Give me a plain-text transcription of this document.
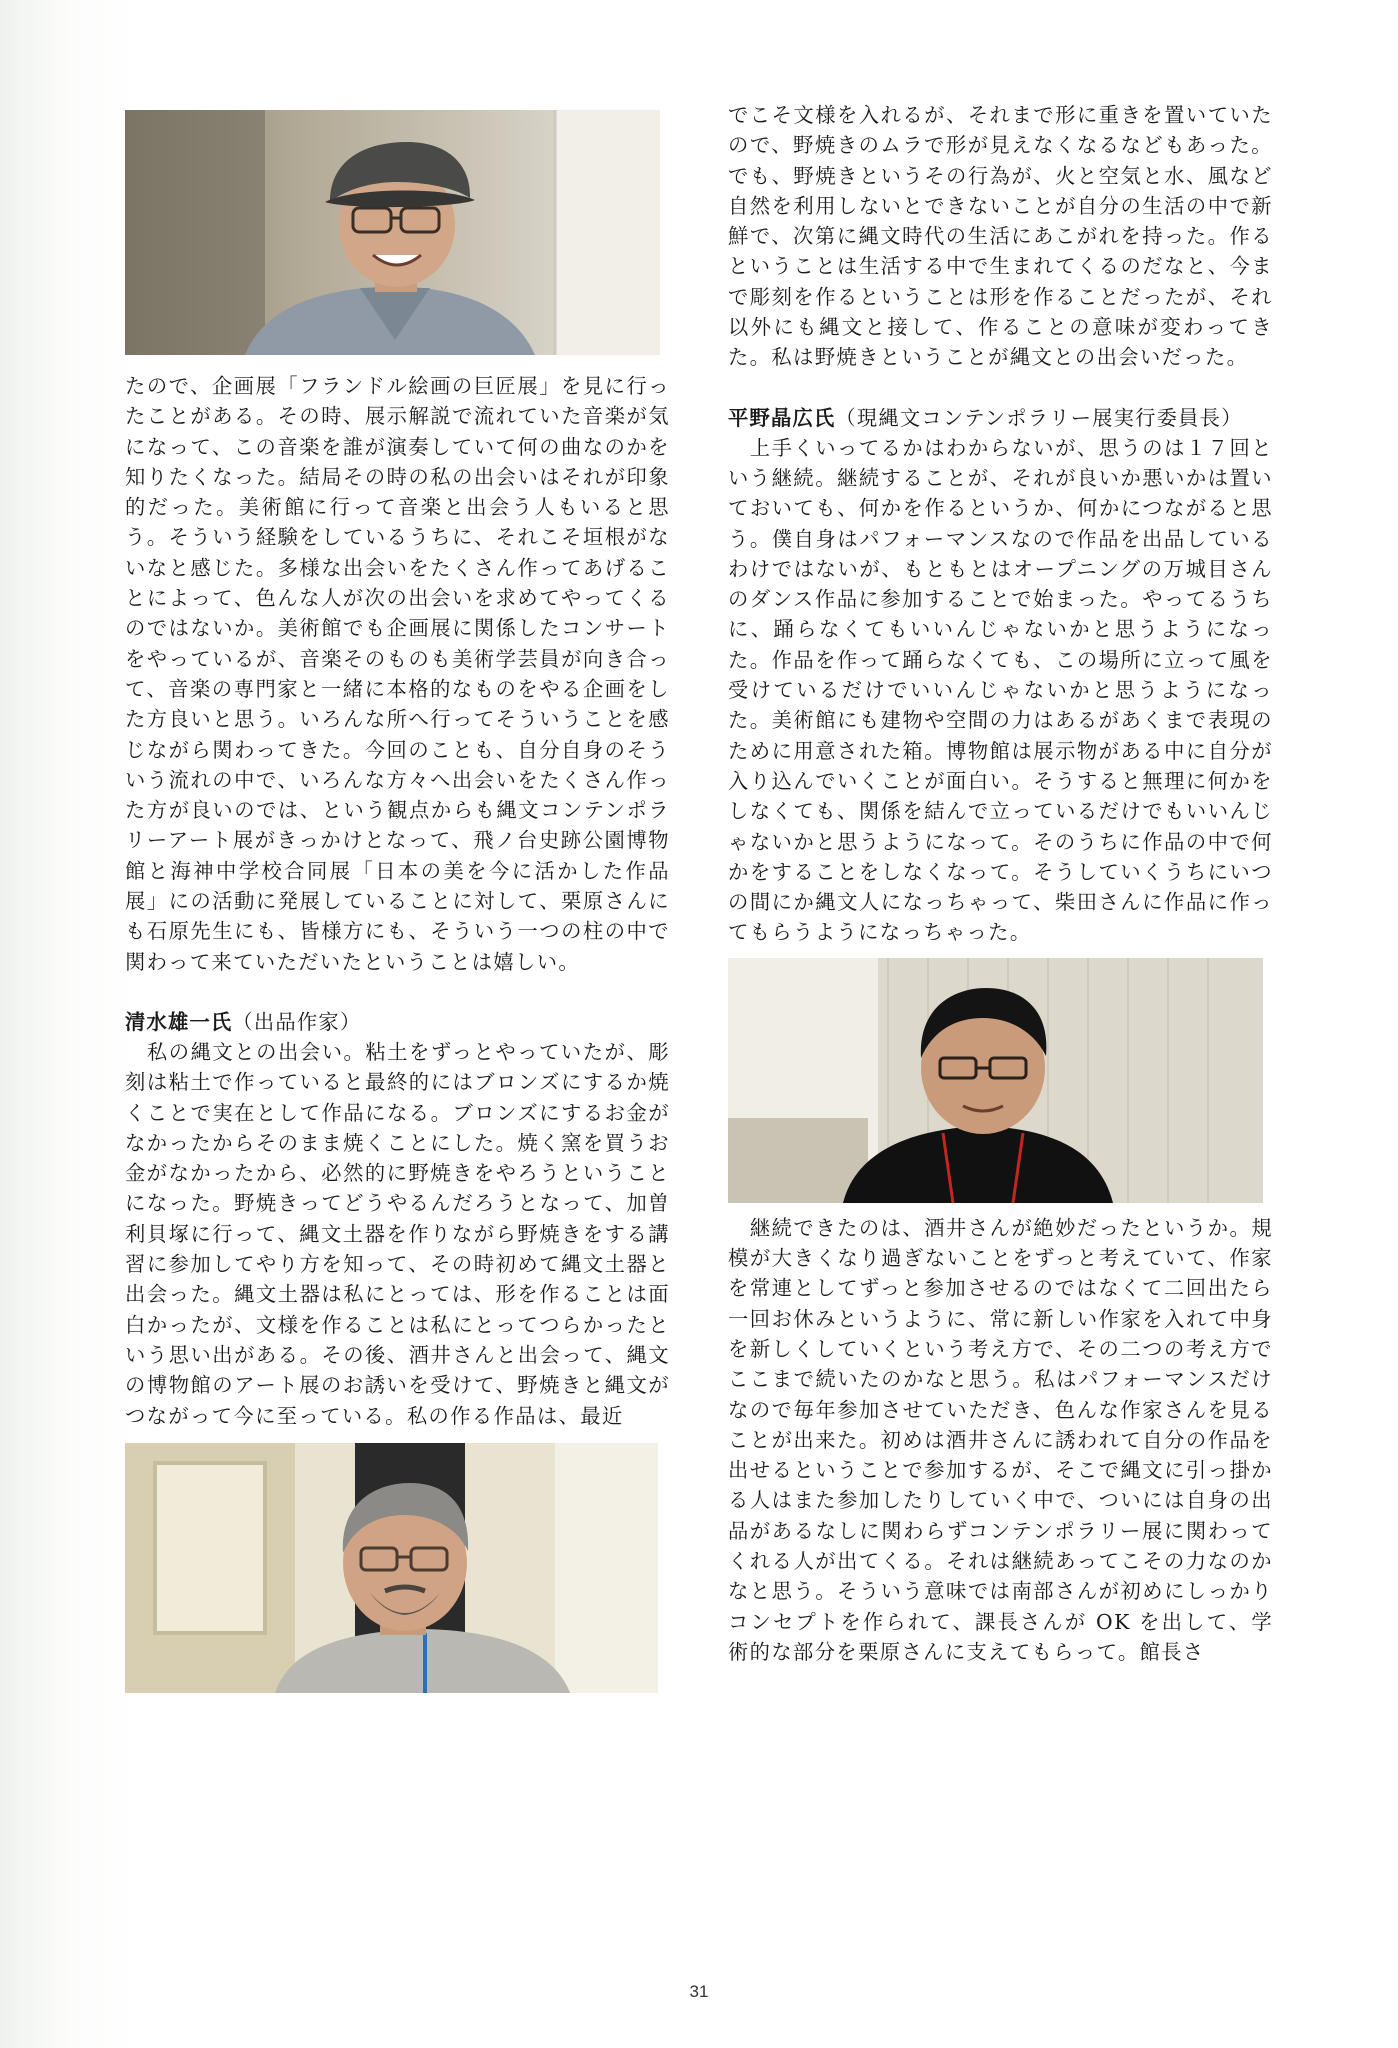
たので、企画展「フランドル絵画の巨匠展」を見に行ったことがある。その時、展示解説で流れていた音楽が気になって、この音楽を誰が演奏していて何の曲なのかを知りたくなった。結局その時の私の出会いはそれが印象的だった。美術館に行って音楽と出会う人もいると思う。そういう経験をしているうちに、それこそ垣根がないなと感じた。多様な出会いをたくさん作ってあげることによって、色んな人が次の出会いを求めてやってくるのではないか。美術館でも企画展に関係したコンサートをやっているが、音楽そのものも美術学芸員が向き合って、音楽の専門家と一緒に本格的なものをやる企画をした方良いと思う。いろんな所へ行ってそういうことを感じながら関わってきた。今回のことも、自分自身のそういう流れの中で、いろんな方々へ出会いをたくさん作った方が良いのでは、という観点からも縄文コンテンポラリーアート展がきっかけとなって、飛ノ台史跡公園博物館と海神中学校合同展「日本の美を今に活かした作品展」にの活動に発展していることに対して、栗原さんにも石原先生にも、皆様方にも、そういう一つの柱の中で関わって来ていただいたということは嬉しい。

清水雄一氏（出品作家）

　私の縄文との出会い。粘土をずっとやっていたが、彫刻は粘土で作っていると最終的にはブロンズにするか焼くことで実在として作品になる。ブロンズにするお金がなかったからそのまま焼くことにした。焼く窯を買うお金がなかったから、必然的に野焼きをやろうということになった。野焼きってどうやるんだろうとなって、加曽利貝塚に行って、縄文土器を作りながら野焼きをする講習に参加してやり方を知って、その時初めて縄文土器と出会った。縄文土器は私にとっては、形を作ることは面白かったが、文様を作ることは私にとってつらかったという思い出がある。その後、酒井さんと出会って、縄文の博物館のアート展のお誘いを受けて、野焼きと縄文がつながって今に至っている。私の作る作品は、最近

でこそ文様を入れるが、それまで形に重きを置いていたので、野焼きのムラで形が見えなくなるなどもあった。でも、野焼きというその行為が、火と空気と水、風など自然を利用しないとできないことが自分の生活の中で新鮮で、次第に縄文時代の生活にあこがれを持った。作るということは生活する中で生まれてくるのだなと、今まで彫刻を作るということは形を作ることだったが、それ以外にも縄文と接して、作ることの意味が変わってきた。私は野焼きということが縄文との出会いだった。

平野晶広氏（現縄文コンテンポラリー展実行委員長）

　上手くいってるかはわからないが、思うのは１７回という継続。継続することが、それが良いか悪いかは置いておいても、何かを作るというか、何かにつながると思う。僕自身はパフォーマンスなので作品を出品しているわけではないが、もともとはオープニングの万城目さんのダンス作品に参加することで始まった。やってるうちに、踊らなくてもいいんじゃないかと思うようになった。作品を作って踊らなくても、この場所に立って風を受けているだけでいいんじゃないかと思うようになった。美術館にも建物や空間の力はあるがあくまで表現のために用意された箱。博物館は展示物がある中に自分が入り込んでいくことが面白い。そうすると無理に何かをしなくても、関係を結んで立っているだけでもいいんじゃないかと思うようになって。そのうちに作品の中で何かをすることをしなくなって。そうしていくうちにいつの間にか縄文人になっちゃって、柴田さんに作品に作ってもらうようになっちゃった。

　継続できたのは、酒井さんが絶妙だったというか。規模が大きくなり過ぎないことをずっと考えていて、作家を常連としてずっと参加させるのではなくて二回出たら一回お休みというように、常に新しい作家を入れて中身を新しくしていくという考え方で、その二つの考え方でここまで続いたのかなと思う。私はパフォーマンスだけなので毎年参加させていただき、色んな作家さんを見ることが出来た。初めは酒井さんに誘われて自分の作品を出せるということで参加するが、そこで縄文に引っ掛かる人はまた参加したりしていく中で、ついには自身の出品があるなしに関わらずコンテンポラリー展に関わってくれる人が出てくる。それは継続あってこその力なのかなと思う。そういう意味では南部さんが初めにしっかりコンセプトを作られて、課長さんが OK を出して、学術的な部分を栗原さんに支えてもらって。館長さ

31
